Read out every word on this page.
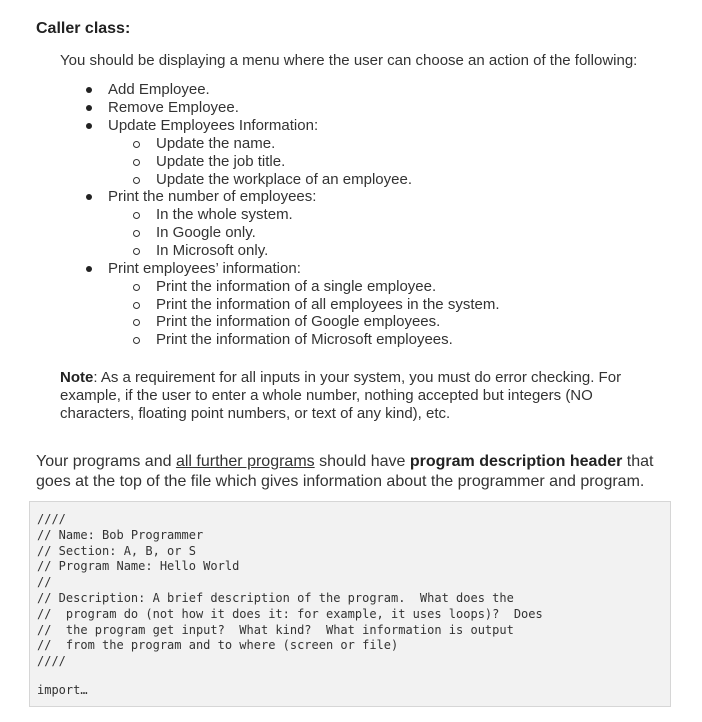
Caller class:
You should be displaying a menu where the user can choose an action of the following:
Add Employee.
Remove Employee.
Update Employees Information:
Update the name.
Update the job title.
Update the workplace of an employee.
Print the number of employees:
In the whole system.
In Google only.
In Microsoft only.
Print employees’ information:
Print the information of a single employee.
Print the information of all employees in the system.
Print the information of Google employees.
Print the information of Microsoft employees.
Note: As a requirement for all inputs in your system, you must do error checking. For example, if the user to enter a whole number, nothing accepted but integers (NO characters, floating point numbers, or text of any kind), etc.
Your programs and all further programs should have program description header that goes at the top of the file which gives information about the programmer and program.
////
// Name: Bob Programmer
// Section: A, B, or S
// Program Name: Hello World
//
// Description: A brief description of the program.  What does the
//  program do (not how it does it: for example, it uses loops)?  Does
//  the program get input?  What kind?  What information is output
//  from the program and to where (screen or file)
////
import…
